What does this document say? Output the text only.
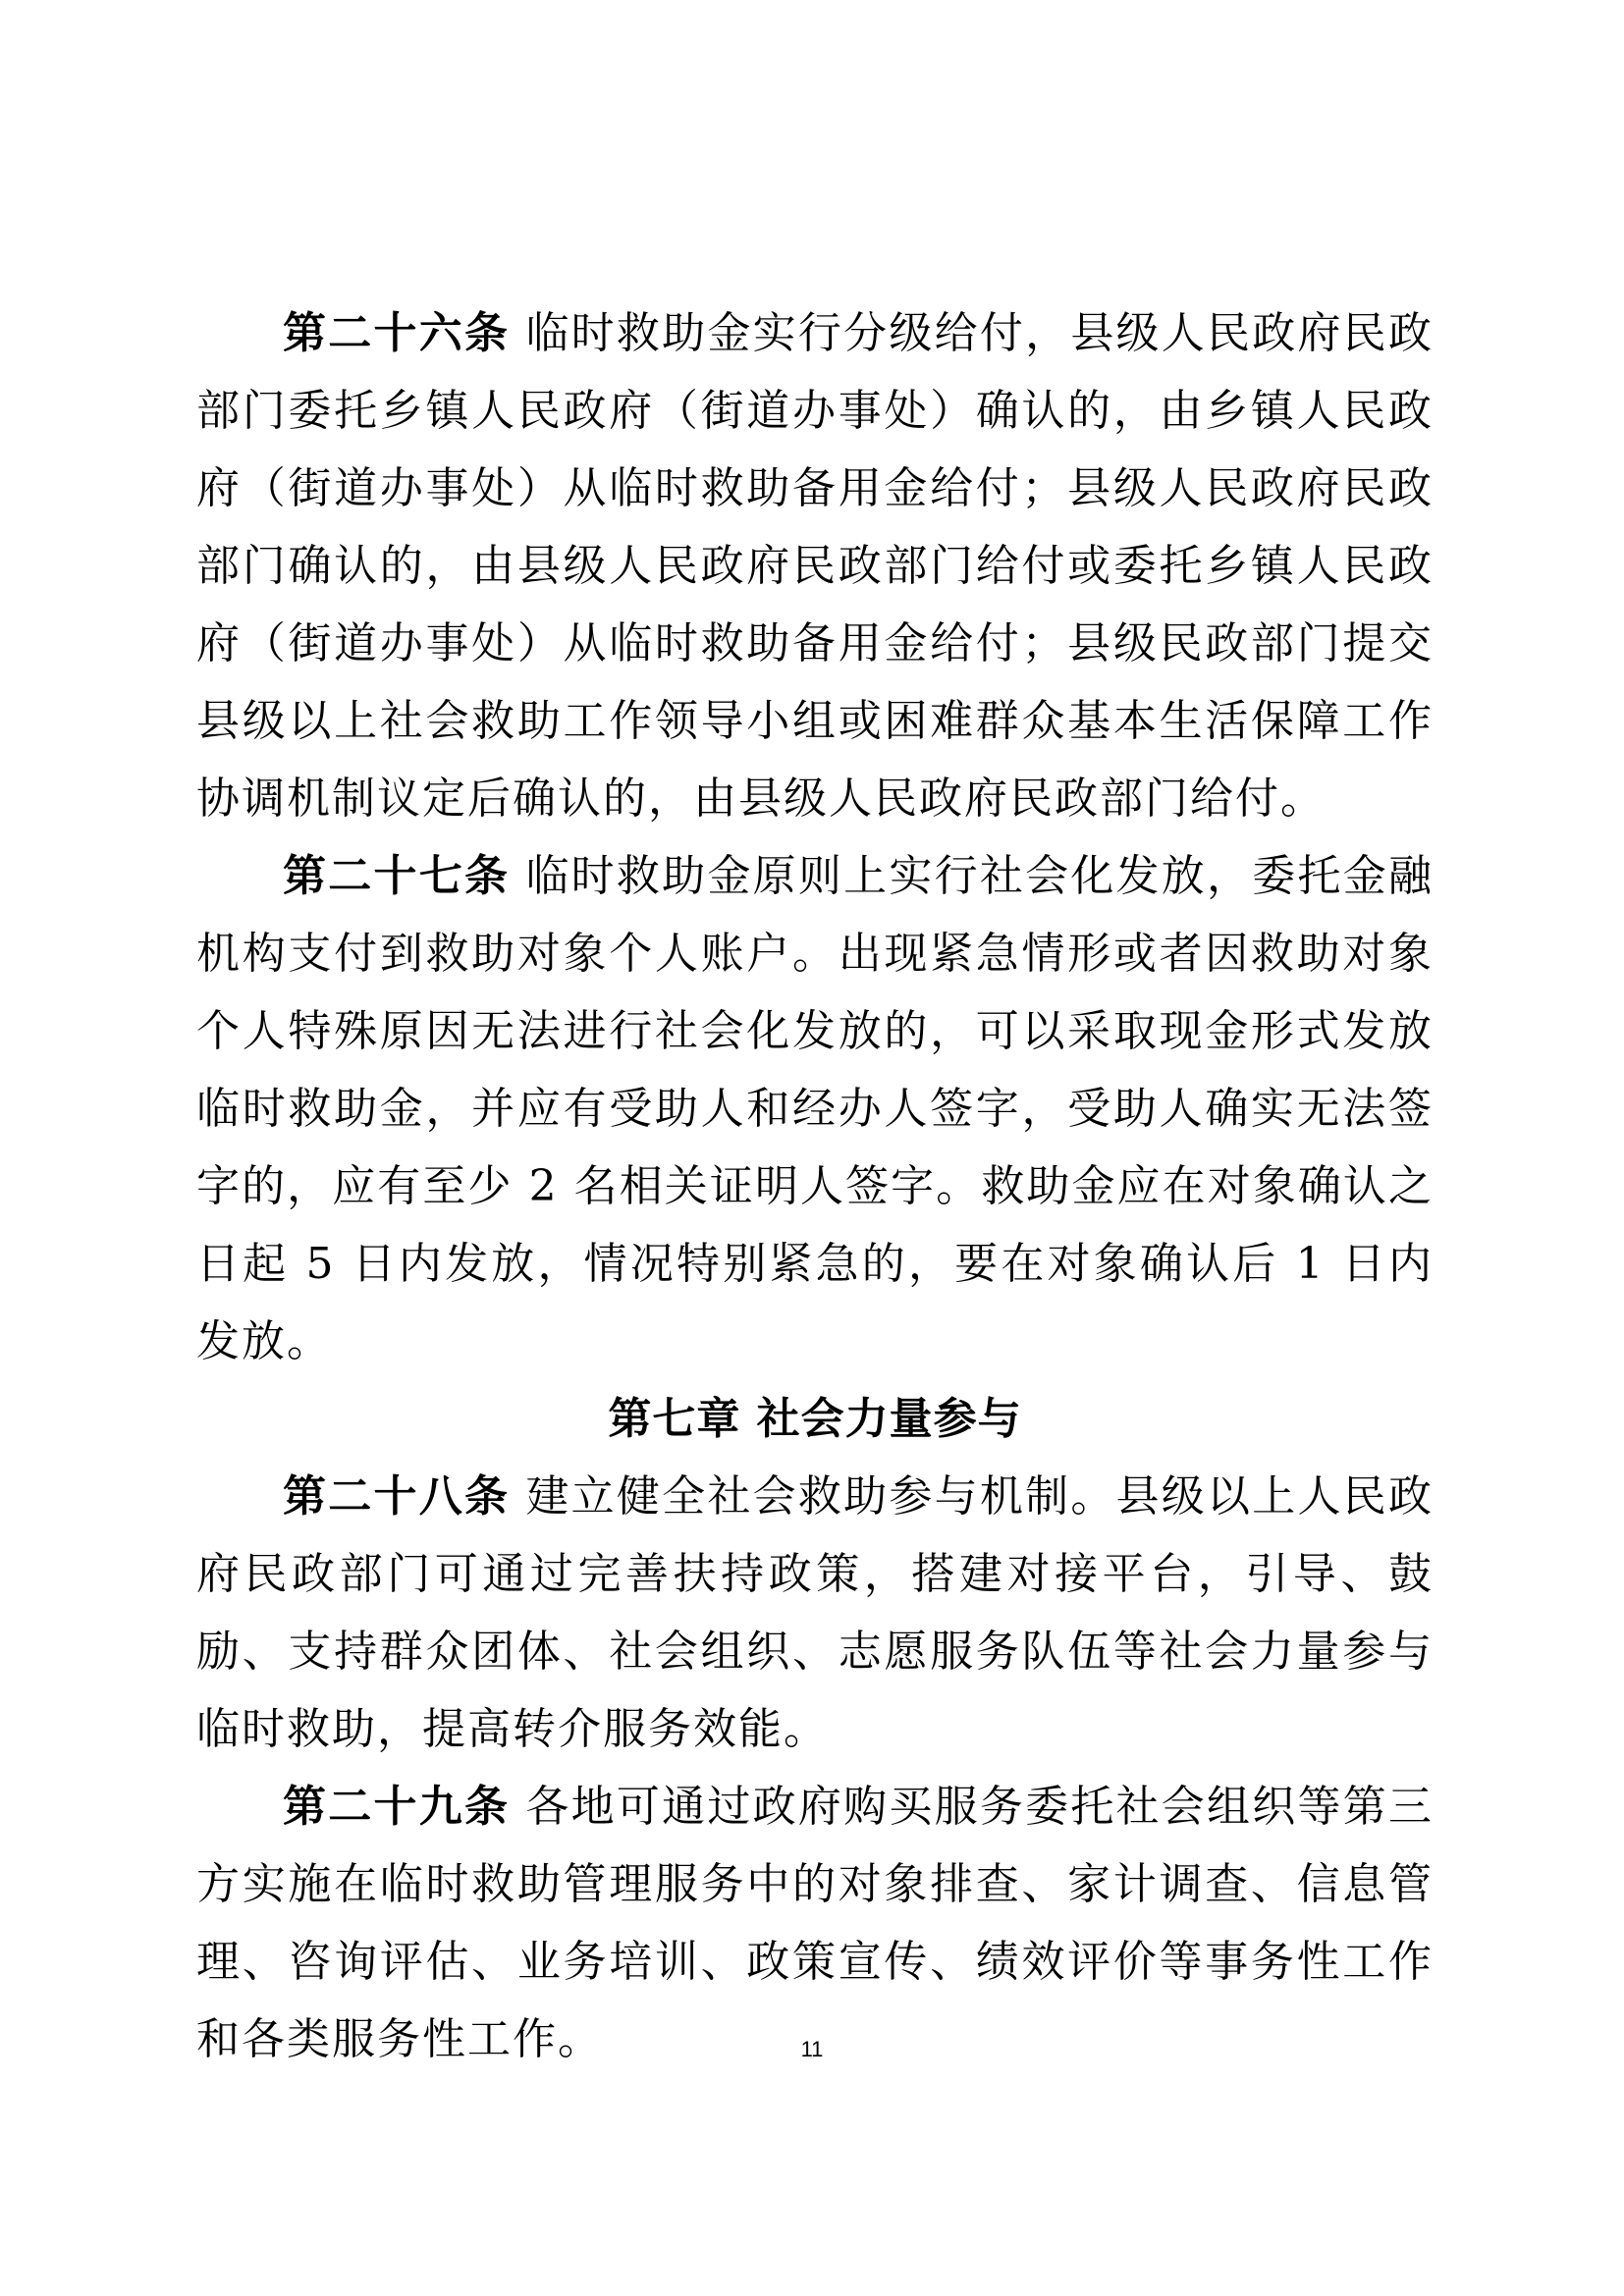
第二十六条 临时救助金实行分级给付，县级人民政府民政部门委托乡镇人民政府（街道办事处）确认的，由乡镇人民政府（街道办事处）从临时救助备用金给付；县级人民政府民政部门确认的，由县级人民政府民政部门给付或委托乡镇人民政府（街道办事处）从临时救助备用金给付；县级民政部门提交县级以上社会救助工作领导小组或困难群众基本生活保障工作协调机制议定后确认的，由县级人民政府民政部门给付。

第二十七条 临时救助金原则上实行社会化发放，委托金融机构支付到救助对象个人账户。出现紧急情形或者因救助对象个人特殊原因无法进行社会化发放的，可以采取现金形式发放临时救助金，并应有受助人和经办人签字，受助人确实无法签字的，应有至少 2 名相关证明人签字。救助金应在对象确认之日起 5 日内发放，情况特别紧急的，要在对象确认后 1 日内发放。

第七章 社会力量参与

第二十八条 建立健全社会救助参与机制。县级以上人民政府民政部门可通过完善扶持政策，搭建对接平台，引导、鼓励、支持群众团体、社会组织、志愿服务队伍等社会力量参与临时救助，提高转介服务效能。

第二十九条 各地可通过政府购买服务委托社会组织等第三方实施在临时救助管理服务中的对象排查、家计调查、信息管理、咨询评估、业务培训、政策宣传、绩效评价等事务性工作和各类服务性工作。	11
